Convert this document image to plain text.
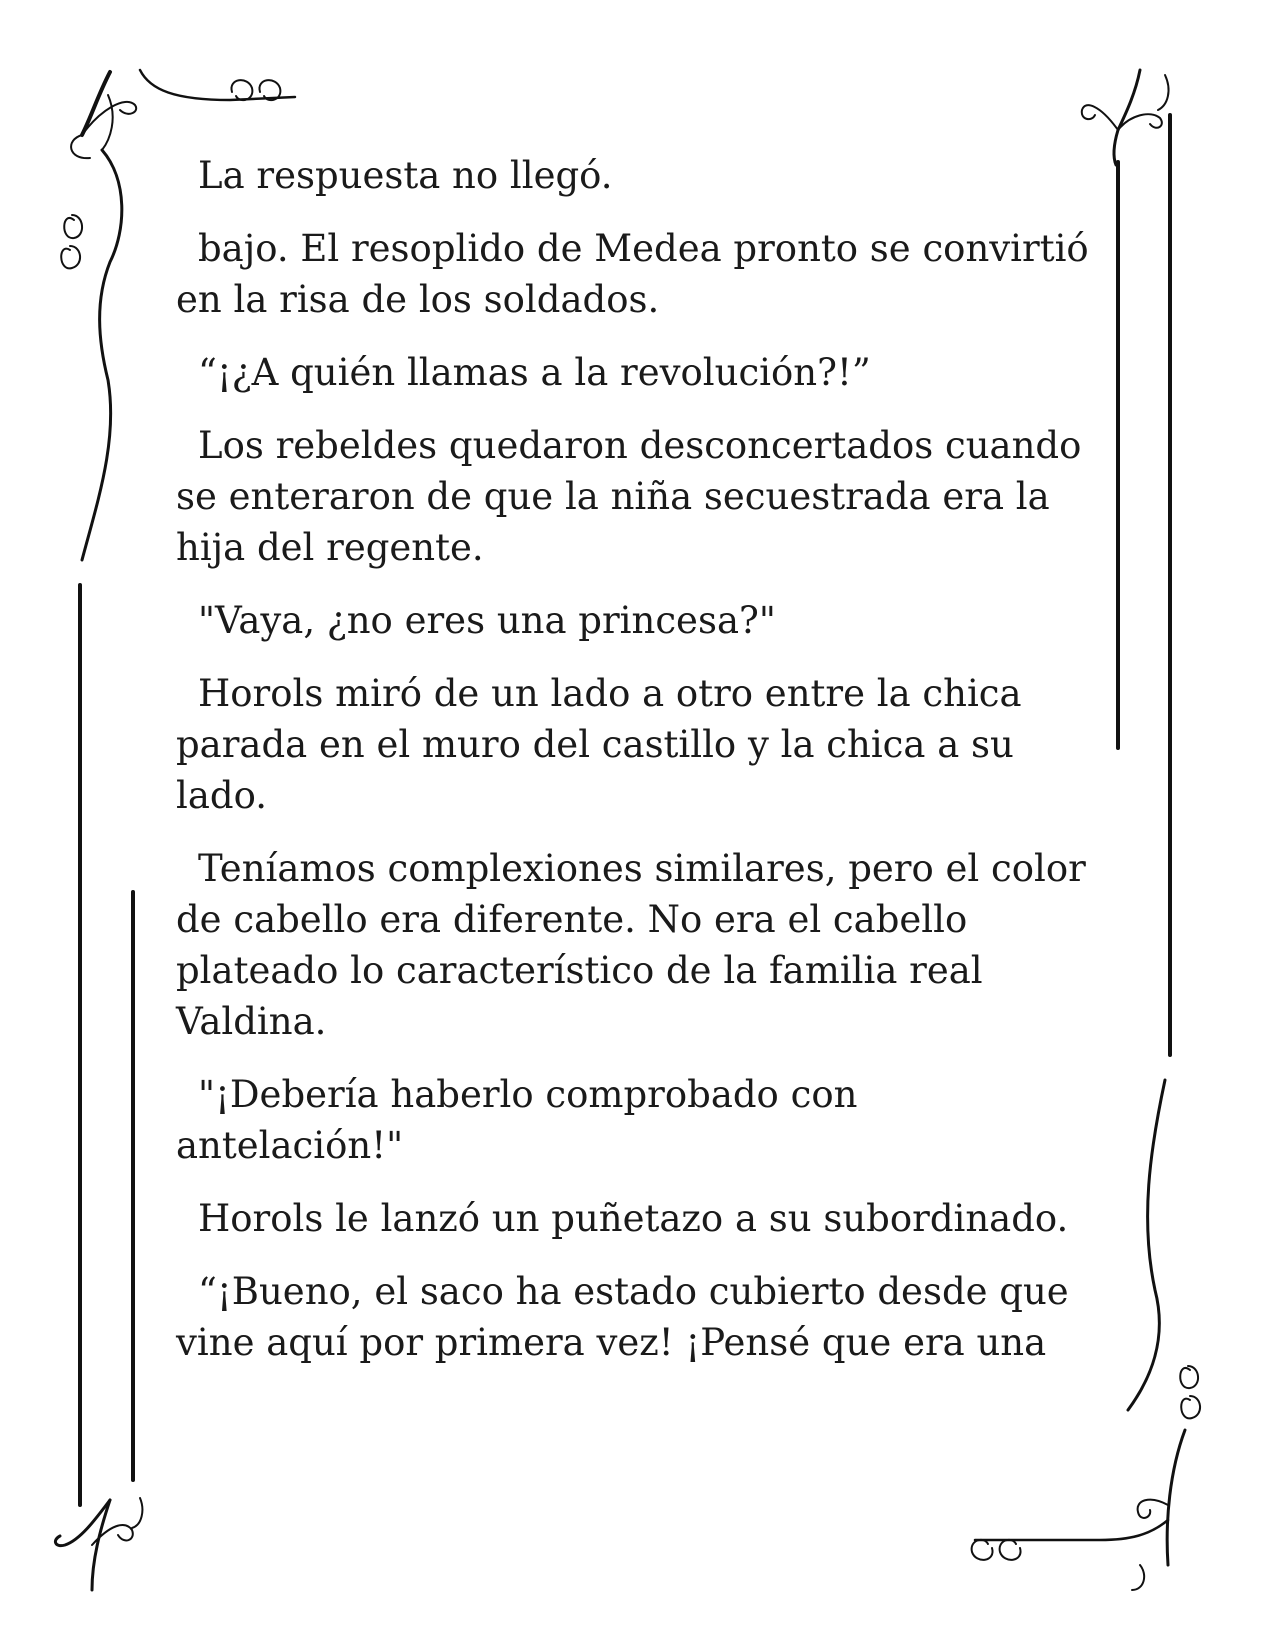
La respuesta no llegó.

bajo. El resoplido de Medea pronto se convirtió en la risa de los soldados.

“¡¿A quién llamas a la revolución?!”

Los rebeldes quedaron desconcertados cuando se enteraron de que la niña secuestrada era la hija del regente.

"Vaya, ¿no eres una princesa?"

Horols miró de un lado a otro entre la chica parada en el muro del castillo y la chica a su lado.

Teníamos complexiones similares, pero el color de cabello era diferente. No era el cabello plateado lo característico de la familia real Valdina.

"¡Debería haberlo comprobado con antelación!"

Horols le lanzó un puñetazo a su subordinado.

“¡Bueno, el saco ha estado cubierto desde que vine aquí por primera vez! ¡Pensé que era una
